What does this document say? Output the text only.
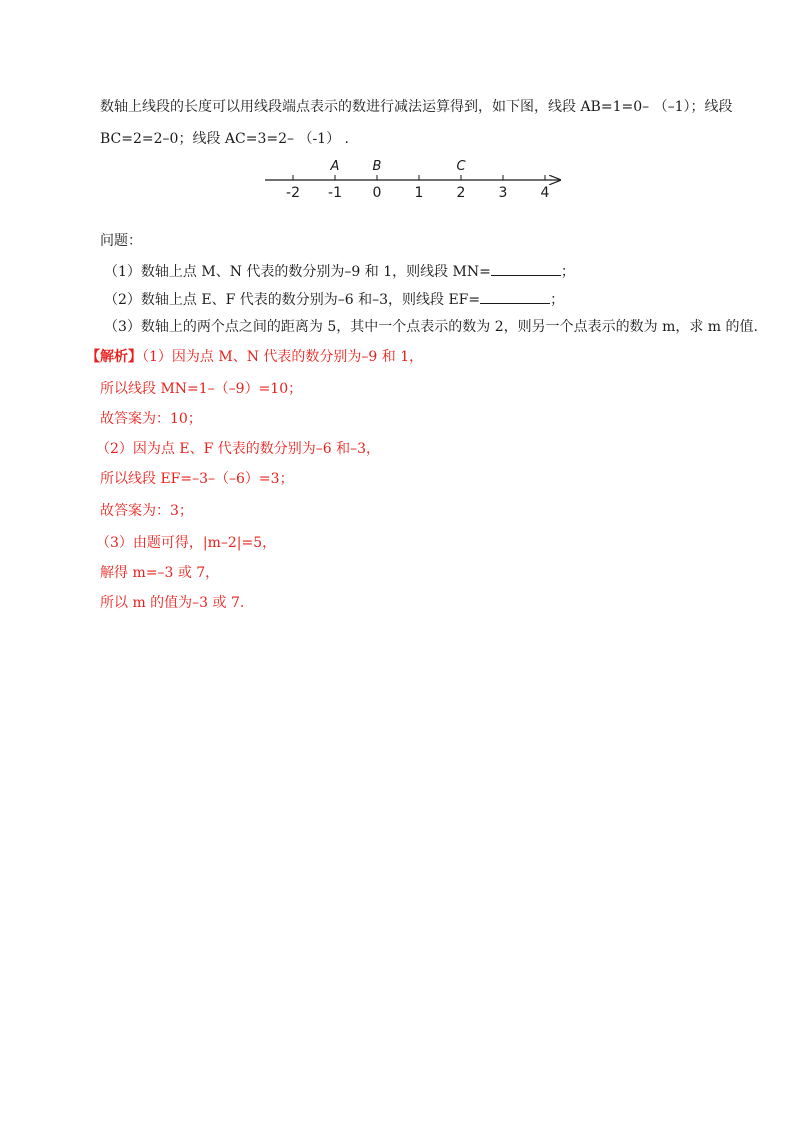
数轴上线段的长度可以用线段端点表示的数进行减法运算得到，如下图，线段 AB=1=0– （–1）；线段
BC=2=2–0；线段 AC=3=2– （-1） .
-2 -1 0 1 2 3 4
A	B	C
问题：
（1）数轴上点 M、N 代表的数分别为–9 和 1，则线段 MN=	；
（2）数轴上点 E、F 代表的数分别为–6 和–3，则线段 EF=	；
（3）数轴上的两个点之间的距离为 5，其中一个点表示的数为 2，则另一个点表示的数为 m，求 m 的值.
【解析】（1）因为点 M、N 代表的数分别为–9 和 1，
所以线段 MN=1–（–9）=10；
故答案为：10；
（2）因为点 E、F 代表的数分别为–6 和–3，
所以线段 EF=–3–（–6）=3；
故答案为：3；
（3）由题可得，|m–2|=5，
解得 m=–3 或 7，
所以 m 的值为–3 或 7.
